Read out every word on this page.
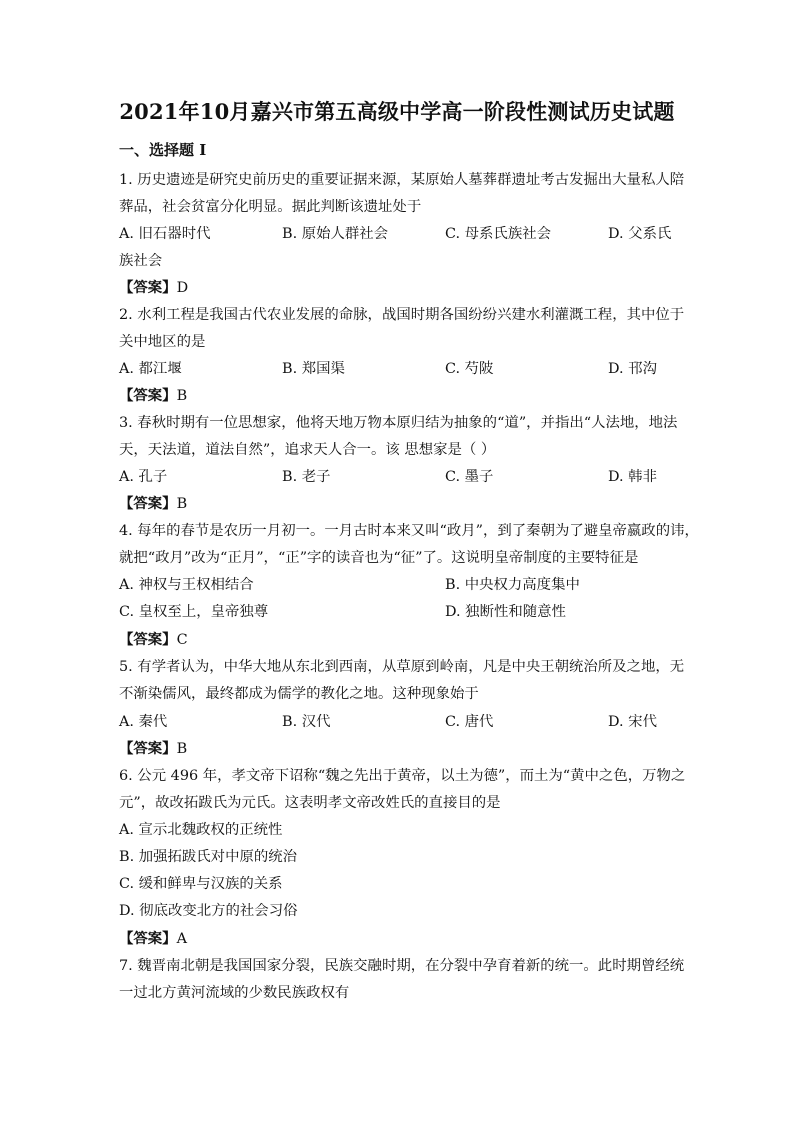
2021年10月嘉兴市第五高级中学高一阶段性测试历史试题
一、选择题 I
1. 历史遗迹是研究史前历史的重要证据来源，某原始人墓葬群遗址考古发掘出大量私人陪
葬品，社会贫富分化明显。据此判断该遗址处于
A. 旧石器时代	B. 原始人群社会	C. 母系氏族社会	D. 父系氏
族社会
【答案】D
2. 水利工程是我国古代农业发展的命脉，战国时期各国纷纷兴建水利灌溉工程，其中位于
关中地区的是
A. 都江堰	B. 郑国渠	C. 芍陂	D. 邗沟
【答案】B
3. 春秋时期有一位思想家，他将天地万物本原归结为抽象的“道”，并指出“人法地，地法
天，天法道，道法自然”，追求天人合一。该 思想家是（ ）
A. 孔子	B. 老子	C. 墨子	D. 韩非
【答案】B
4. 每年的春节是农历一月初一。一月古时本来又叫“政月”，到了秦朝为了避皇帝嬴政的讳，
就把“政月”改为“正月”，“正”字的读音也为“征”了。这说明皇帝制度的主要特征是
A. 神权与王权相结合	B. 中央权力高度集中
C. 皇权至上，皇帝独尊	D. 独断性和随意性
【答案】C
5. 有学者认为，中华大地从东北到西南，从草原到岭南，凡是中央王朝统治所及之地，无
不渐染儒风，最终都成为儒学的教化之地。这种现象始于
A. 秦代	B. 汉代	C. 唐代	D. 宋代
【答案】B
6. 公元 496 年，孝文帝下诏称“魏之先出于黄帝，以土为德”，而土为“黄中之色，万物之
元”，故改拓跋氏为元氏。这表明孝文帝改姓氏的直接目的是
A. 宣示北魏政权的正统性
B. 加强拓跋氏对中原的统治
C. 缓和鲜卑与汉族的关系
D. 彻底改变北方的社会习俗
【答案】A
7. 魏晋南北朝是我国国家分裂，民族交融时期，在分裂中孕育着新的统一。此时期曾经统
一过北方黄河流域的少数民族政权有
